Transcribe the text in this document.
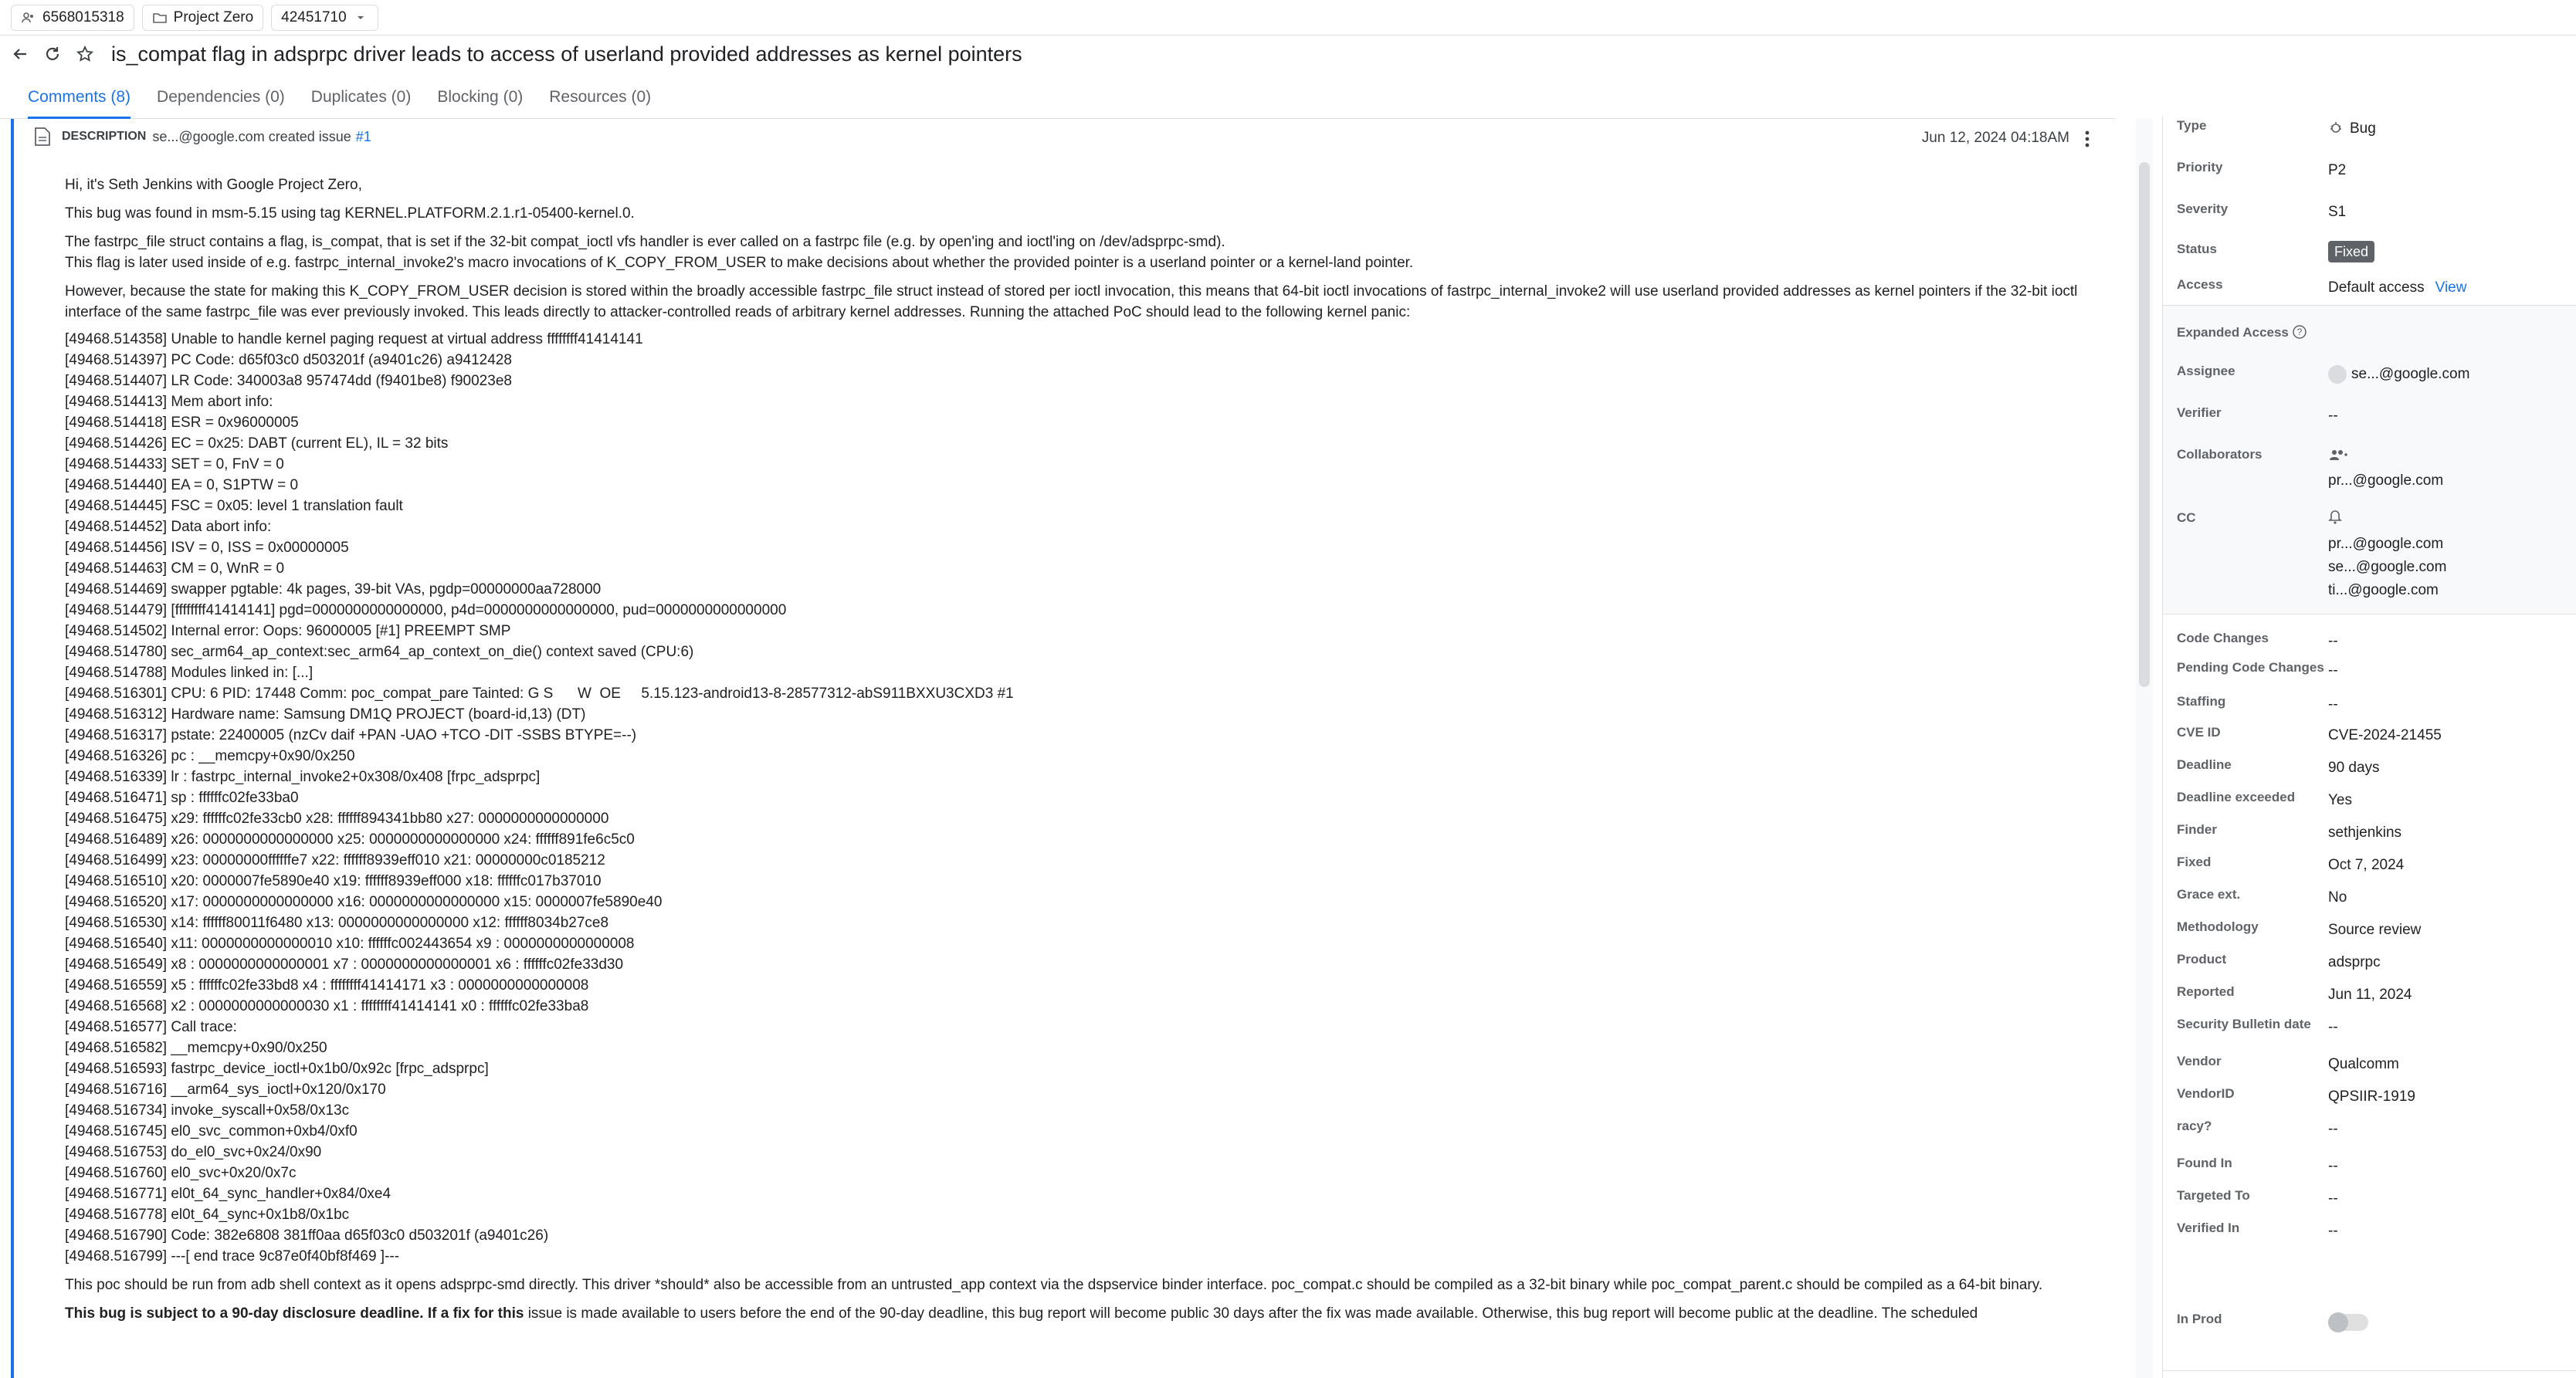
6568015318	Project Zero 42451710
is_compat flag in adsprpc driver leads to access of userland provided addresses as kernel pointers
Comments (8) Dependencies (0) Duplicates (0) Blocking (0) Resources (0)
DESCRIPTION se...@google.com created issue #1	Jun 12, 2024 04:18AM

Hi, it's Seth Jenkins with Google Project Zero,

This bug was found in msm-5.15 using tag KERNEL.PLATFORM.2.1.r1-05400-kernel.0.

The fastrpc_file struct contains a flag, is_compat, that is set if the 32-bit compat_ioctl vfs handler is ever called on a fastrpc file (e.g. by open'ing and ioctl'ing on /dev/adsprpc-smd).

This flag is later used inside of e.g. fastrpc_internal_invoke2's macro invocations of K_COPY_FROM_USER to make decisions about whether the provided pointer is a userland pointer or a kernel-land pointer.

However, because the state for making this K_COPY_FROM_USER decision is stored within the broadly accessible fastrpc_file struct instead of stored per ioctl invocation, this means that 64-bit ioctl invocations of fastrpc_internal_invoke2 will use userland provided addresses as kernel pointers if the 32-bit ioctl interface of the same fastrpc_file was ever previously invoked. This leads directly to attacker-controlled reads of arbitrary kernel addresses. Running the attached PoC should lead to the following kernel panic:

[49468.514358] Unable to handle kernel paging request at virtual address ffffffff41414141
[49468.514397] PC Code: d65f03c0 d503201f (a9401c26) a9412428
[49468.514407] LR Code: 340003a8 957474dd (f9401be8) f90023e8
[49468.514413] Mem abort info:
[49468.514418] ESR = 0x96000005
[49468.514426] EC = 0x25: DABT (current EL), IL = 32 bits
[49468.514433] SET = 0, FnV = 0
[49468.514440] EA = 0, S1PTW = 0
[49468.514445] FSC = 0x05: level 1 translation fault
[49468.514452] Data abort info:
[49468.514456] ISV = 0, ISS = 0x00000005
[49468.514463] CM = 0, WnR = 0
[49468.514469] swapper pgtable: 4k pages, 39-bit VAs, pgdp=00000000aa728000
[49468.514479] [ffffffff41414141] pgd=0000000000000000, p4d=0000000000000000, pud=0000000000000000
[49468.514502] Internal error: Oops: 96000005 [#1] PREEMPT SMP
[49468.514780] sec_arm64_ap_context:sec_arm64_ap_context_on_die() context saved (CPU:6)
[49468.514788] Modules linked in: [...]
[49468.516301] CPU: 6 PID: 17448 Comm: poc_compat_pare Tainted: G S      W  OE     5.15.123-android13-8-28577312-abS911BXXU3CXD3 #1
[49468.516312] Hardware name: Samsung DM1Q PROJECT (board-id,13) (DT)
[49468.516317] pstate: 22400005 (nzCv daif +PAN -UAO +TCO -DIT -SSBS BTYPE=--)
[49468.516326] pc : __memcpy+0x90/0x250
[49468.516339] lr : fastrpc_internal_invoke2+0x308/0x408 [frpc_adsprpc]
[49468.516471] sp : ffffffc02fe33ba0
[49468.516475] x29: ffffffc02fe33cb0 x28: ffffff894341bb80 x27: 0000000000000000
[49468.516489] x26: 0000000000000000 x25: 0000000000000000 x24: ffffff891fe6c5c0
[49468.516499] x23: 00000000ffffffe7 x22: ffffff8939eff010 x21: 00000000c0185212
[49468.516510] x20: 0000007fe5890e40 x19: ffffff8939eff000 x18: ffffffc017b37010
[49468.516520] x17: 0000000000000000 x16: 0000000000000000 x15: 0000007fe5890e40
[49468.516530] x14: ffffff80011f6480 x13: 0000000000000000 x12: ffffff8034b27ce8
[49468.516540] x11: 0000000000000010 x10: ffffffc002443654 x9 : 0000000000000008
[49468.516549] x8 : 0000000000000001 x7 : 0000000000000001 x6 : ffffffc02fe33d30
[49468.516559] x5 : ffffffc02fe33bd8 x4 : ffffffff41414171 x3 : 0000000000000008
[49468.516568] x2 : 0000000000000030 x1 : ffffffff41414141 x0 : ffffffc02fe33ba8
[49468.516577] Call trace:
[49468.516582] __memcpy+0x90/0x250
[49468.516593] fastrpc_device_ioctl+0x1b0/0x92c [frpc_adsprpc]
[49468.516716] __arm64_sys_ioctl+0x120/0x170
[49468.516734] invoke_syscall+0x58/0x13c
[49468.516745] el0_svc_common+0xb4/0xf0
[49468.516753] do_el0_svc+0x24/0x90
[49468.516760] el0_svc+0x20/0x7c
[49468.516771] el0t_64_sync_handler+0x84/0xe4
[49468.516778] el0t_64_sync+0x1b8/0x1bc
[49468.516790] Code: 382e6808 381ff0aa d65f03c0 d503201f (a9401c26)
[49468.516799] ---[ end trace 9c87e0f40bf8f469 ]---

This poc should be run from adb shell context as it opens adsprpc-smd directly. This driver *should* also be accessible from an untrusted_app context via the dspservice binder interface. poc_compat.c should be compiled as a 32-bit binary while poc_compat_parent.c should be compiled as a 64-bit binary.

This bug is subject to a 90-day disclosure deadline. If a fix for this issue is made available to users before the end of the 90-day deadline, this bug report will become public 30 days after the fix was made available. Otherwise, this bug report will become public at the deadline. The scheduled

Type	Bug
Priority	P2
Severity	S1
Status	Fixed
Access	Default access View
Expanded Access ?
Assignee	se...@google.com
Verifier	--
Collaborators

pr...@google.com
CC

pr...@google.com
se...@google.com
ti...@google.com
Code Changes	--
Pending Code Changes --
Staffing	--
CVE ID	CVE-2024-21455
Deadline	90 days
Deadline exceeded	Yes
Finder	sethjenkins
Fixed	Oct 7, 2024
Grace ext.	No
Methodology	Source review
Product	adsprpc
Reported	Jun 11, 2024
Security Bulletin date	--
Vendor	Qualcomm
VendorID	QPSIIR-1919
racy?	--
Found In	--
Targeted To	--
Verified In	--
In Prod
